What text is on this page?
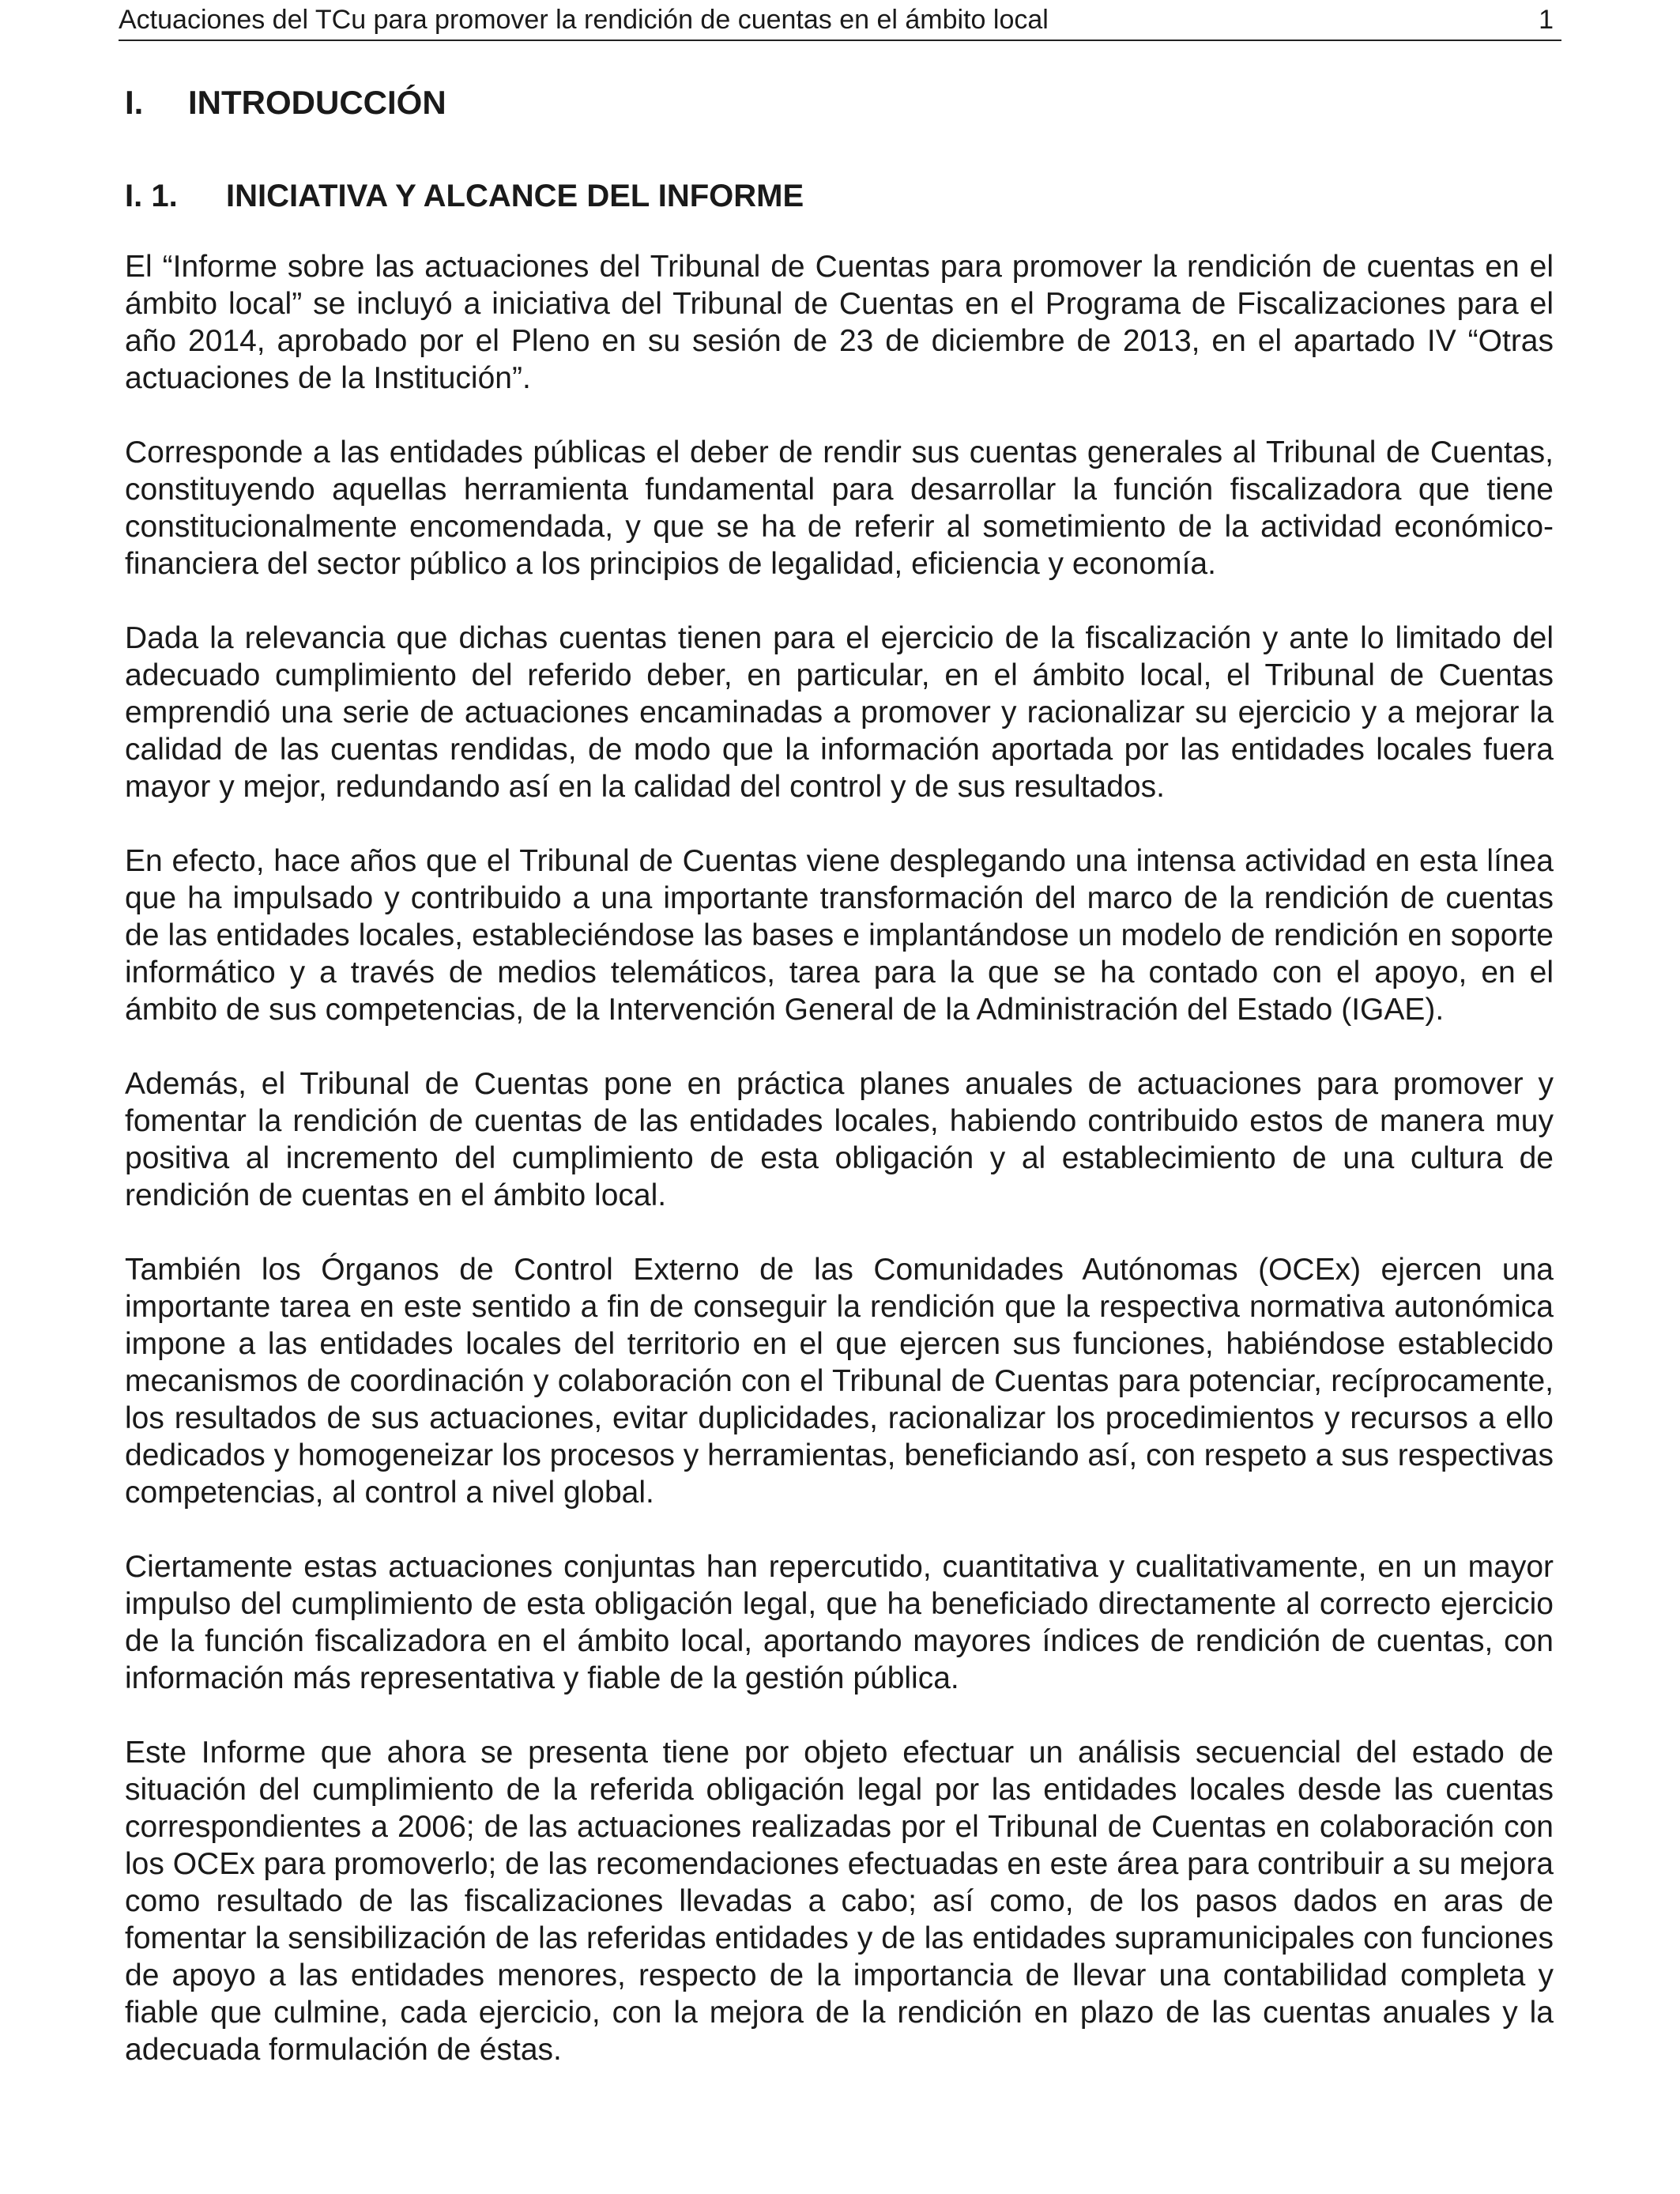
Actuaciones del TCu para promover la rendición de cuentas en el ámbito local	1
I.	INTRODUCCIÓN
I. 1.	INICIATIVA Y ALCANCE DEL INFORME

El “Informe sobre las actuaciones del Tribunal de Cuentas para promover la rendición de cuentas en el ámbito local” se incluyó a iniciativa del Tribunal de Cuentas en el Programa de Fiscalizaciones para el año 2014, aprobado por el Pleno en su sesión de 23 de diciembre de 2013, en el apartado IV “Otras actuaciones de la Institución”.

Corresponde a las entidades públicas el deber de rendir sus cuentas generales al Tribunal de Cuentas, constituyendo aquellas herramienta fundamental para desarrollar la función fiscalizadora que tiene constitucionalmente encomendada, y que se ha de referir al sometimiento de la actividad económico-financiera del sector público a los principios de legalidad, eficiencia y economía.

Dada la relevancia que dichas cuentas tienen para el ejercicio de la fiscalización y ante lo limitado del adecuado cumplimiento del referido deber, en particular, en el ámbito local, el Tribunal de Cuentas emprendió una serie de actuaciones encaminadas a promover y racionalizar su ejercicio y a mejorar la calidad de las cuentas rendidas, de modo que la información aportada por las entidades locales fuera mayor y mejor, redundando así en la calidad del control y de sus resultados.

En efecto, hace años que el Tribunal de Cuentas viene desplegando una intensa actividad en esta línea que ha impulsado y contribuido a una importante transformación del marco de la rendición de cuentas de las entidades locales, estableciéndose las bases e implantándose un modelo de rendición en soporte informático y a través de medios telemáticos, tarea para la que se ha contado con el apoyo, en el ámbito de sus competencias, de la Intervención General de la Administración del Estado (IGAE).

Además, el Tribunal de Cuentas pone en práctica planes anuales de actuaciones para promover y fomentar la rendición de cuentas de las entidades locales, habiendo contribuido estos de manera muy positiva al incremento del cumplimiento de esta obligación y al establecimiento de una cultura de rendición de cuentas en el ámbito local.

También los Órganos de Control Externo de las Comunidades Autónomas (OCEx) ejercen una importante tarea en este sentido a fin de conseguir la rendición que la respectiva normativa autonómica impone a las entidades locales del territorio en el que ejercen sus funciones, habiéndose establecido mecanismos de coordinación y colaboración con el Tribunal de Cuentas para potenciar, recíprocamente, los resultados de sus actuaciones, evitar duplicidades, racionalizar los procedimientos y recursos a ello dedicados y homogeneizar los procesos y herramientas, beneficiando así, con respeto a sus respectivas competencias, al control a nivel global.

Ciertamente estas actuaciones conjuntas han repercutido, cuantitativa y cualitativamente, en un mayor impulso del cumplimiento de esta obligación legal, que ha beneficiado directamente al correcto ejercicio de la función fiscalizadora en el ámbito local, aportando mayores índices de rendición de cuentas, con información más representativa y fiable de la gestión pública.

Este Informe que ahora se presenta tiene por objeto efectuar un análisis secuencial del estado de situación del cumplimiento de la referida obligación legal por las entidades locales desde las cuentas correspondientes a 2006; de las actuaciones realizadas por el Tribunal de Cuentas en colaboración con los OCEx para promoverlo; de las recomendaciones efectuadas en este área para contribuir a su mejora como resultado de las fiscalizaciones llevadas a cabo; así como, de los pasos dados en aras de fomentar la sensibilización de las referidas entidades y de las entidades supramunicipales con funciones de apoyo a las entidades menores, respecto de la importancia de llevar una contabilidad completa y fiable que culmine, cada ejercicio, con la mejora de la rendición en plazo de las cuentas anuales y la adecuada formulación de éstas.
